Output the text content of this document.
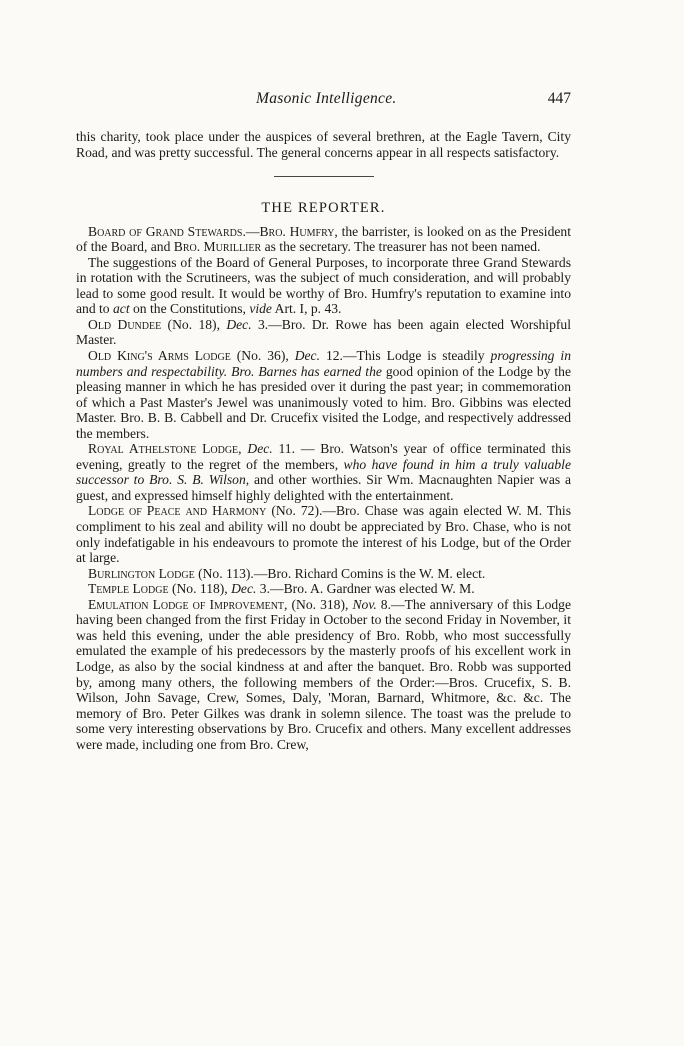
Masonic Intelligence.	447

this charity, took place under the auspices of several brethren, at the Eagle Tavern, City Road, and was pretty successful. The general concerns appear in all respects satisfactory.

THE REPORTER.

Board of Grand Stewards.—Bro. Humfry, the barrister, is looked on as the President of the Board, and Bro. Murillier as the secretary. The treasurer has not been named.

The suggestions of the Board of General Purposes, to incorporate three Grand Stewards in rotation with the Scrutineers, was the subject of much consideration, and will probably lead to some good result. It would be worthy of Bro. Humfry's reputation to examine into and to act on the Constitutions, vide Art. I, p. 43.

Old Dundee (No. 18), Dec. 3.—Bro. Dr. Rowe has been again elected Worshipful Master.

Old King's Arms Lodge (No. 36), Dec. 12.—This Lodge is steadily progressing in numbers and respectability. Bro. Barnes has earned the good opinion of the Lodge by the pleasing manner in which he has presided over it during the past year; in commemoration of which a Past Master's Jewel was unanimously voted to him. Bro. Gibbins was elected Master. Bro. B. B. Cabbell and Dr. Crucefix visited the Lodge, and respectively addressed the members.

Royal Athelstone Lodge, Dec. 11. — Bro. Watson's year of office terminated this evening, greatly to the regret of the members, who have found in him a truly valuable successor to Bro. S. B. Wilson, and other worthies. Sir Wm. Macnaughten Napier was a guest, and expressed himself highly delighted with the entertainment.

Lodge of Peace and Harmony (No. 72).—Bro. Chase was again elected W. M. This compliment to his zeal and ability will no doubt be appreciated by Bro. Chase, who is not only indefatigable in his endeavours to promote the interest of his Lodge, but of the Order at large.

Burlington Lodge (No. 113).—Bro. Richard Comins is the W. M. elect.

Temple Lodge (No. 118), Dec. 3.—Bro. A. Gardner was elected W. M.

Emulation Lodge of Improvement, (No. 318), Nov. 8.—The anniversary of this Lodge having been changed from the first Friday in October to the second Friday in November, it was held this evening, under the able presidency of Bro. Robb, who most successfully emulated the example of his predecessors by the masterly proofs of his excellent work in Lodge, as also by the social kindness at and after the banquet. Bro. Robb was supported by, among many others, the following members of the Order:—Bros. Crucefix, S. B. Wilson, John Savage, Crew, Somes, Daly, 'Moran, Barnard, Whitmore, &c. &c. The memory of Bro. Peter Gilkes was drank in solemn silence. The toast was the prelude to some very interesting observations by Bro. Crucefix and others. Many excellent addresses were made, including one from Bro. Crew,
